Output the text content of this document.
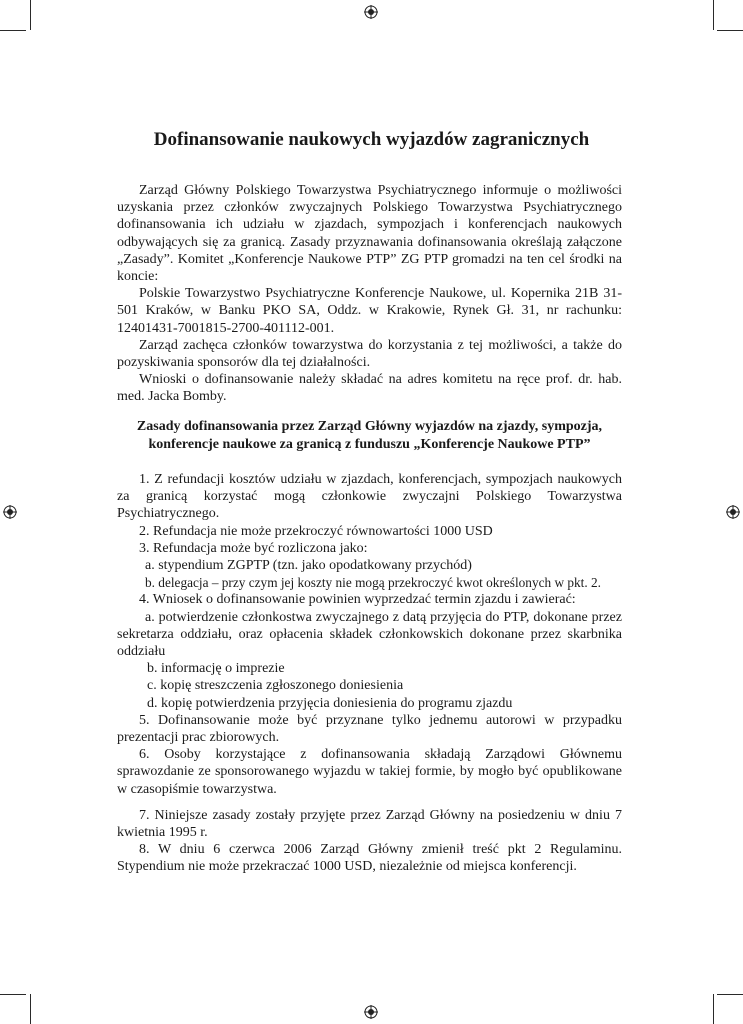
Dofinansowanie naukowych wyjazdów zagranicznych

Zarząd Główny Polskiego Towarzystwa Psychiatrycznego informuje o możliwości uzyskania przez członków zwyczajnych Polskiego Towarzystwa Psychiatrycznego dofinansowania ich udziału w zjazdach, sympozjach i konferencjach naukowych odbywających się za granicą. Zasady przyznawania dofinansowania określają załączone „Zasady”. Komitet „Konferencje Naukowe PTP” ZG PTP gromadzi na ten cel środki na koncie:

Polskie Towarzystwo Psychiatryczne Konferencje Naukowe, ul. Kopernika 21B 31-501 Kraków, w Banku PKO SA, Oddz. w Krakowie, Rynek Gł. 31, nr rachunku: 12401431-7001815-2700-401112-001.

Zarząd zachęca członków towarzystwa do korzystania z tej możliwości, a także do pozyskiwania sponsorów dla tej działalności.

Wnioski o dofinansowanie należy składać na adres komitetu na ręce prof. dr. hab. med. Jacka Bomby.

Zasady dofinansowania przez Zarząd Główny wyjazdów na zjazdy, sympozja, konferencje naukowe za granicą z funduszu „Konferencje Naukowe PTP”

1. Z refundacji kosztów udziału w zjazdach, konferencjach, sympozjach naukowych za granicą korzystać mogą członkowie zwyczajni Polskiego Towarzystwa Psychiatrycznego.

2. Refundacja nie może przekroczyć równowartości 1000 USD

3. Refundacja może być rozliczona jako:

a. stypendium ZGPTP (tzn. jako opodatkowany przychód)

b. delegacja – przy czym jej koszty nie mogą przekroczyć kwot określonych w pkt. 2.

4. Wniosek o dofinansowanie powinien wyprzedzać termin zjazdu i zawierać:

a. potwierdzenie członkostwa zwyczajnego z datą przyjęcia do PTP, dokonane przez sekretarza oddziału, oraz opłacenia składek członkowskich dokonane przez skarbnika oddziału

b. informację o imprezie

c. kopię streszczenia zgłoszonego doniesienia

d. kopię potwierdzenia przyjęcia doniesienia do programu zjazdu

5. Dofinansowanie może być przyznane tylko jednemu autorowi w przypadku prezentacji prac zbiorowych.

6. Osoby korzystające z dofinansowania składają Zarządowi Głównemu sprawozdanie ze sponsorowanego wyjazdu w takiej formie, by mogło być opublikowane w czasopiśmie towarzystwa.

7. Niniejsze zasady zostały przyjęte przez Zarząd Główny na posiedzeniu w dniu 7 kwietnia 1995 r.

8. W dniu 6 czerwca 2006 Zarząd Główny zmienił treść pkt 2 Regulaminu. Stypendium nie może przekraczać 1000 USD, niezależnie od miejsca konferencji.
